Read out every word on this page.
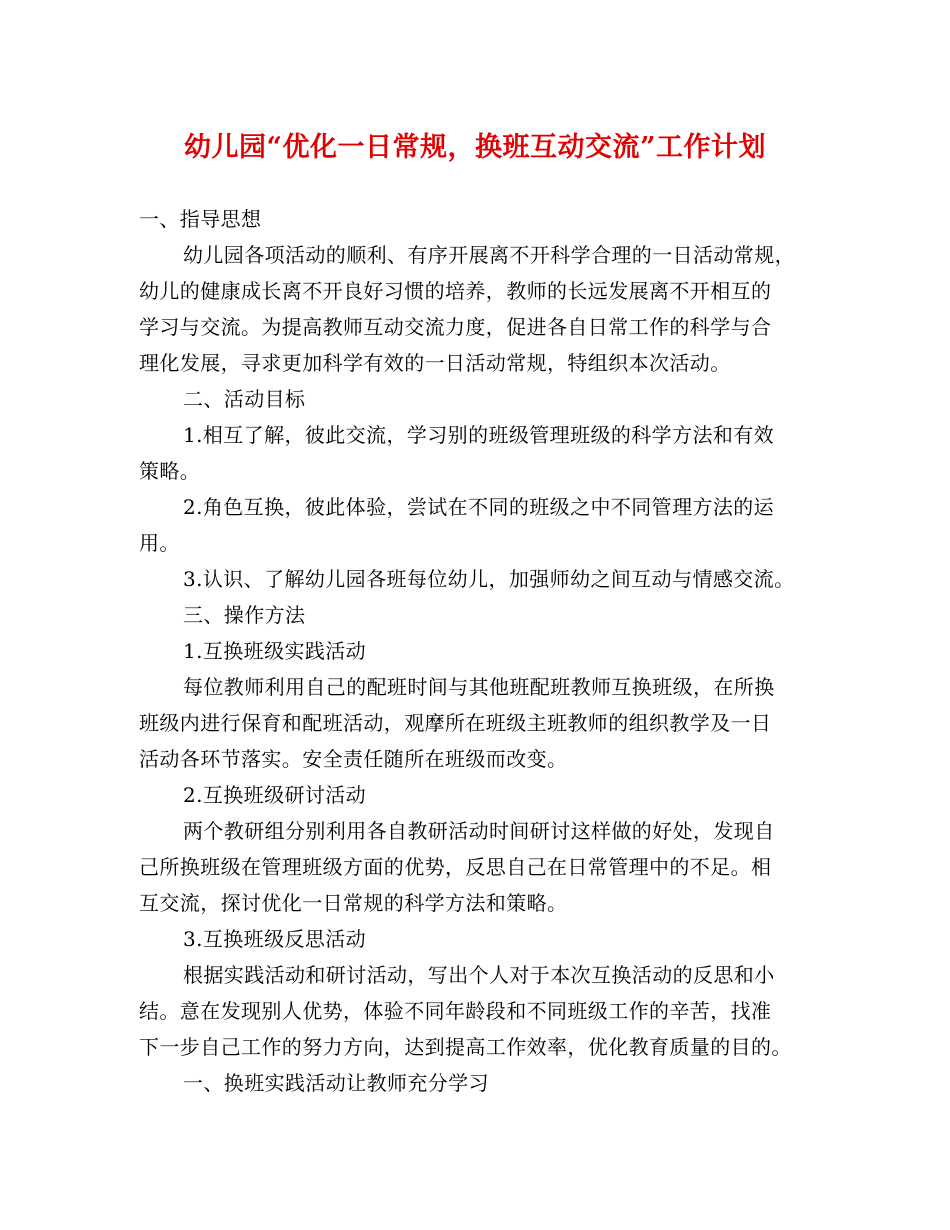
幼儿园“优化一日常规，换班互动交流”工作计划
一、指导思想
幼儿园各项活动的顺利、有序开展离不开科学合理的一日活动常规，
幼儿的健康成长离不开良好习惯的培养，教师的长远发展离不开相互的
学习与交流。为提高教师互动交流力度，促进各自日常工作的科学与合
理化发展，寻求更加科学有效的一日活动常规，特组织本次活动。
二、活动目标
1.相互了解，彼此交流，学习别的班级管理班级的科学方法和有效
策略。
2.角色互换，彼此体验，尝试在不同的班级之中不同管理方法的运
用。
3.认识、了解幼儿园各班每位幼儿，加强师幼之间互动与情感交流。
三、操作方法
1.互换班级实践活动
每位教师利用自己的配班时间与其他班配班教师互换班级，在所换
班级内进行保育和配班活动，观摩所在班级主班教师的组织教学及一日
活动各环节落实。安全责任随所在班级而改变。
2.互换班级研讨活动
两个教研组分别利用各自教研活动时间研讨这样做的好处，发现自
己所换班级在管理班级方面的优势，反思自己在日常管理中的不足。相
互交流，探讨优化一日常规的科学方法和策略。
3.互换班级反思活动
根据实践活动和研讨活动，写出个人对于本次互换活动的反思和小
结。意在发现别人优势，体验不同年龄段和不同班级工作的辛苦，找准
下一步自己工作的努力方向，达到提高工作效率，优化教育质量的目的。
一、换班实践活动让教师充分学习
